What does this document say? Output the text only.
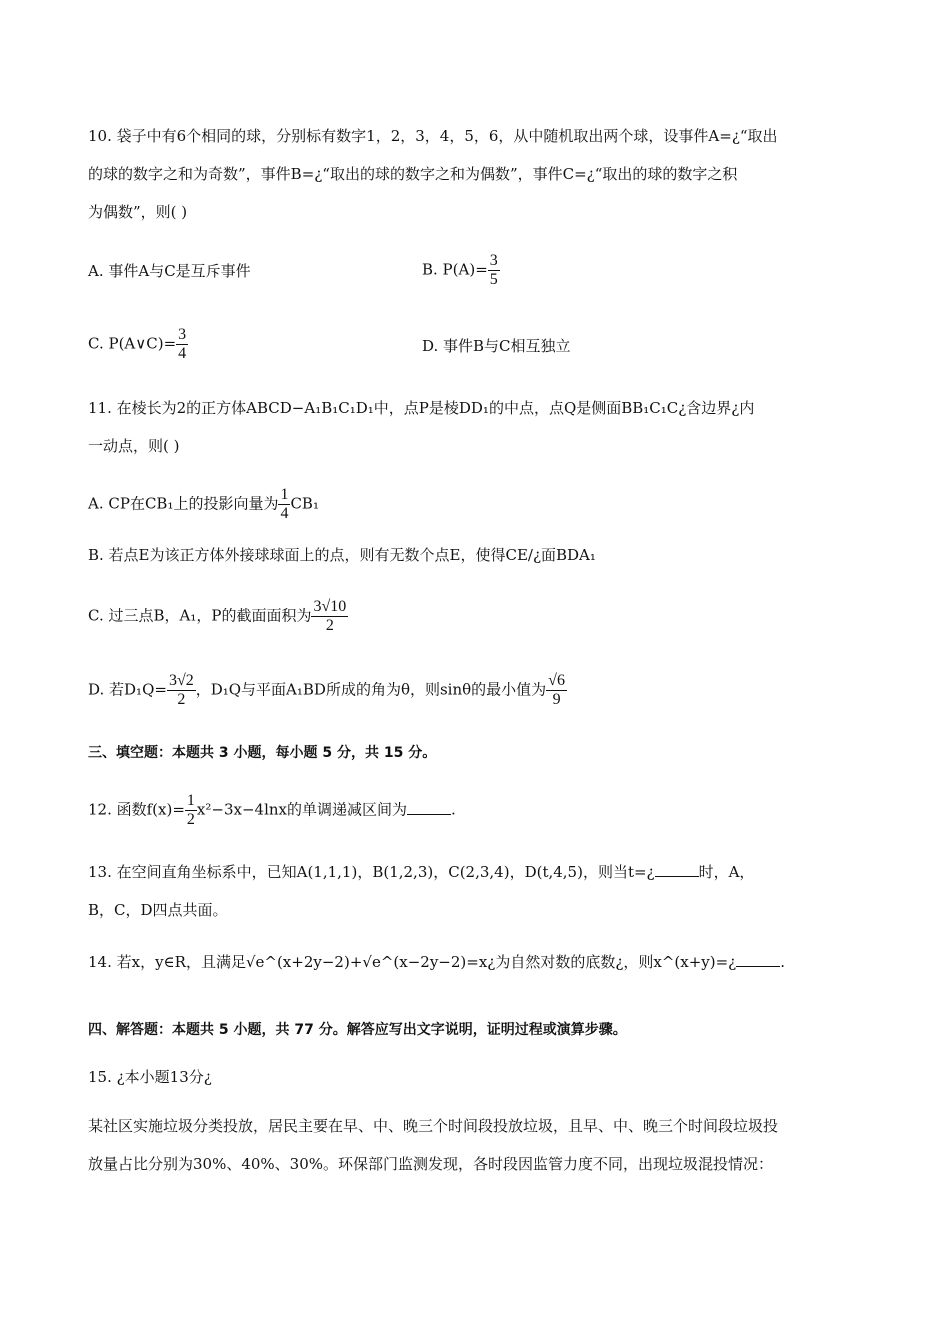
10. 袋子中有6个相同的球，分别标有数字1，2，3，4，5，6，从中随机取出两个球，设事件A=¿“取出
的球的数字之和为奇数”，事件B=¿“取出的球的数字之和为偶数”，事件C=¿“取出的球的数字之积
为偶数”，则( )
A. 事件A与C是互斥事件	B. $P(A)= \frac{3}{5}$
C. P(A∨C)= $\frac{3}{4}$	D. 事件B与C相互独立
11. 在棱长为2的正方体ABCD−A₁B₁C₁D₁中，点P是棱DD₁的中点，点Q是侧面BB₁C₁C¿含边界¿内
一动点，则( )
A. CP在CB₁上的投影向量为 $\frac{1}{4} CB_1$
B. 若点E为该正方体外接球球面上的点，则有无数个点E，使得CE/¿面BDA₁
C. 过三点B，A₁，P的截面面积为 $\frac{3√10}{2}$
D. 若$D_1Q= \frac{3√2}{2}$ ，D₁Q与平面A₁BD所成的角为θ，则sinθ的最小值为 $\frac{√6}{9}$
三、填空题：本题共 3 小题，每小题 5 分，共 15 分。
12. 函数$f(x)= \frac{1}{2} x^2-3x-4\ln x$的单调递减区间为	.
13. 在空间直角坐标系中，已知A(1,1,1)，B(1,2,3)，C(2,3,4)，D(t,4,5)，则当t=¿	时，A，
B，C，D四点共面。
14. 若x，y∈R，且满足√e^(x+2y−2)+√e^(x−2y−2)=x¿为自然对数的底数¿，则x^(x+y)=¿	.
四、解答题：本题共 5 小题，共 77 分。解答应写出文字说明，证明过程或演算步骤。
15. ¿本小题13分¿
某社区实施垃圾分类投放，居民主要在早、中、晚三个时间段投放垃圾，且早、中、晚三个时间段垃圾投
放量占比分别为30%、40%、30%。环保部门监测发现，各时段因监管力度不同，出现垃圾混投情况：
